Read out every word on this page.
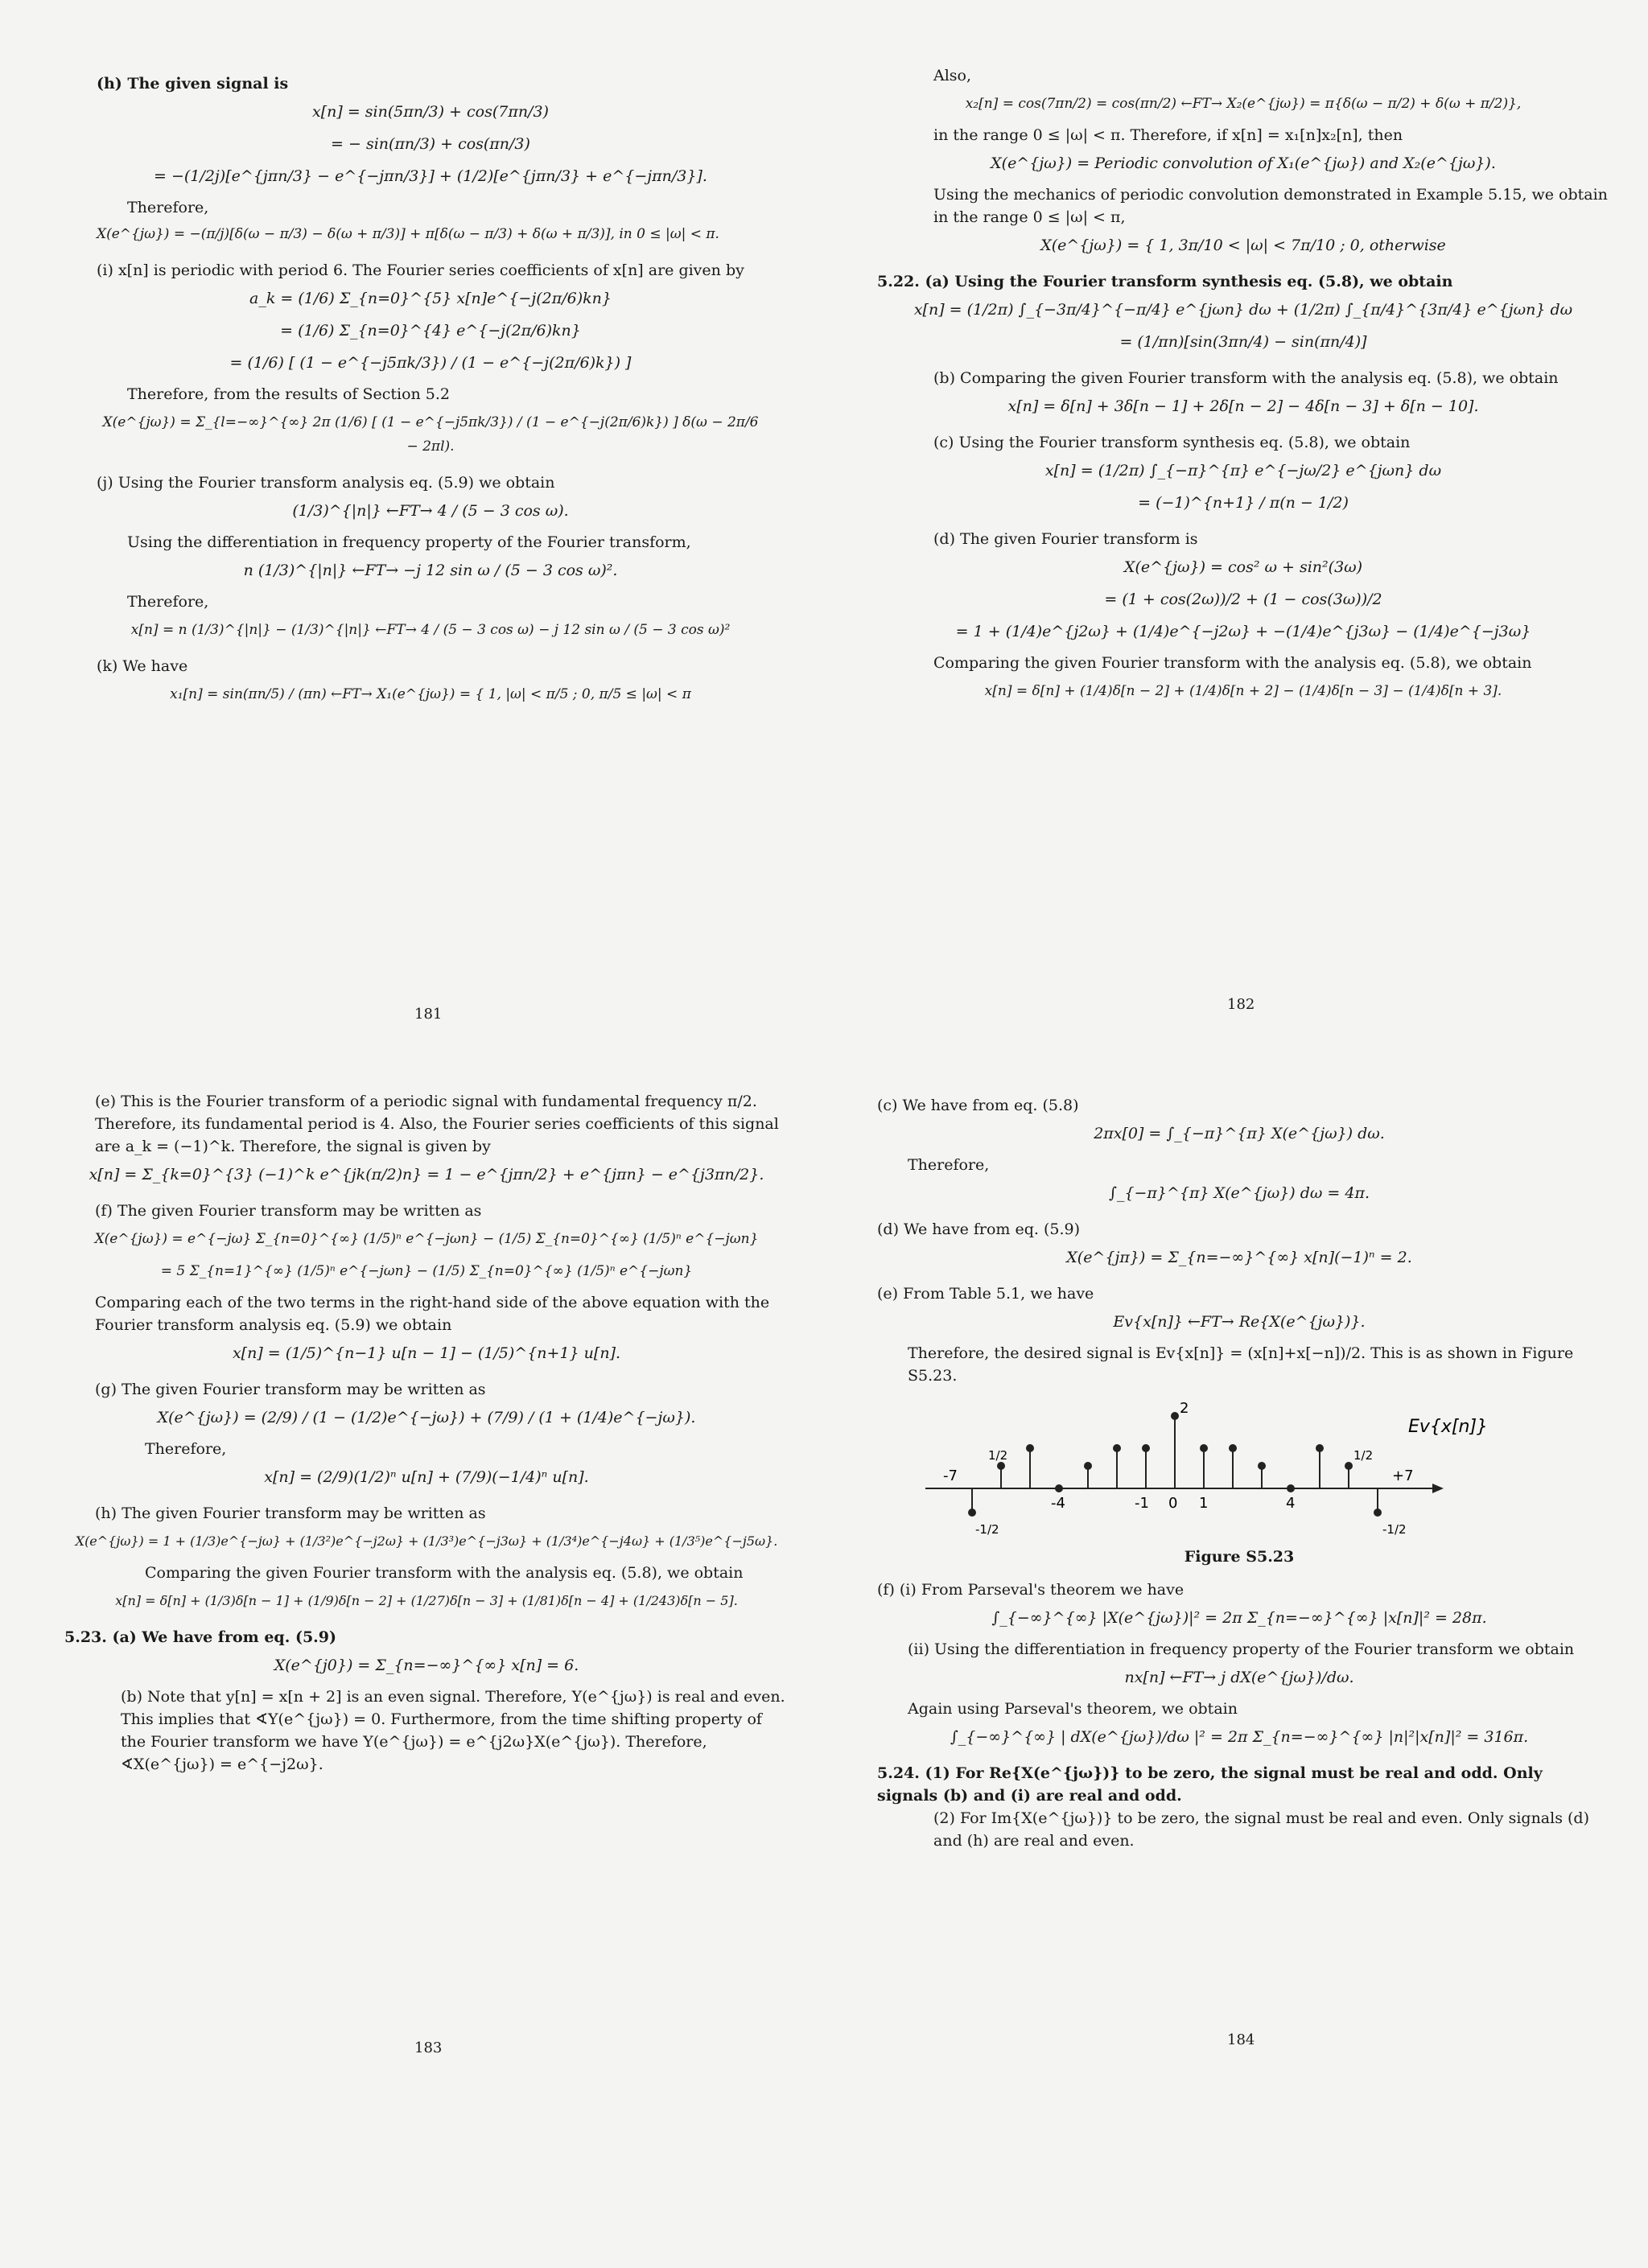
(h) The given signal is

x[n] = sin(5πn/3) + cos(7πn/3)

= − sin(πn/3) + cos(πn/3)

= −(1/2j)[e^{jπn/3} − e^{−jπn/3}] + (1/2)[e^{jπn/3} + e^{−jπn/3}].

Therefore,

X(e^{jω}) = −(π/j)[δ(ω − π/3) − δ(ω + π/3)] + π[δ(ω − π/3) + δ(ω + π/3)], in 0 ≤ |ω| < π.

(i) x[n] is periodic with period 6. The Fourier series coefficients of x[n] are given by

a_k = (1/6) Σ_{n=0}^{5} x[n]e^{−j(2π/6)kn}

= (1/6) Σ_{n=0}^{4} e^{−j(2π/6)kn}

= (1/6) [ (1 − e^{−j5πk/3}) / (1 − e^{−j(2π/6)k}) ]

Therefore, from the results of Section 5.2

X(e^{jω}) = Σ_{l=−∞}^{∞} 2π (1/6) [ (1 − e^{−j5πk/3}) / (1 − e^{−j(2π/6)k}) ] δ(ω − 2π/6 − 2πl).

(j) Using the Fourier transform analysis eq. (5.9) we obtain

(1/3)^{|n|} ←FT→ 4 / (5 − 3 cos ω).

Using the differentiation in frequency property of the Fourier transform,

n (1/3)^{|n|} ←FT→ −j 12 sin ω / (5 − 3 cos ω)².

Therefore,

x[n] = n (1/3)^{|n|} − (1/3)^{|n|} ←FT→ 4 / (5 − 3 cos ω) − j 12 sin ω / (5 − 3 cos ω)²

(k) We have

x₁[n] = sin(πn/5) / (πn) ←FT→ X₁(e^{jω}) = { 1, |ω| < π/5 ; 0, π/5 ≤ |ω| < π

181

Also,

x₂[n] = cos(7πn/2) = cos(πn/2) ←FT→ X₂(e^{jω}) = π{δ(ω − π/2) + δ(ω + π/2)},

in the range 0 ≤ |ω| < π. Therefore, if x[n] = x₁[n]x₂[n], then

X(e^{jω}) = Periodic convolution of X₁(e^{jω}) and X₂(e^{jω}).

Using the mechanics of periodic convolution demonstrated in Example 5.15, we obtain in the range 0 ≤ |ω| < π,

X(e^{jω}) = { 1, 3π/10 < |ω| < 7π/10 ; 0, otherwise

5.22. (a) Using the Fourier transform synthesis eq. (5.8), we obtain

x[n] = (1/2π) ∫_{−3π/4}^{−π/4} e^{jωn} dω + (1/2π) ∫_{π/4}^{3π/4} e^{jωn} dω

= (1/πn)[sin(3πn/4) − sin(πn/4)]

(b) Comparing the given Fourier transform with the analysis eq. (5.8), we obtain

x[n] = δ[n] + 3δ[n − 1] + 2δ[n − 2] − 4δ[n − 3] + δ[n − 10].

(c) Using the Fourier transform synthesis eq. (5.8), we obtain

x[n] = (1/2π) ∫_{−π}^{π} e^{−jω/2} e^{jωn} dω

= (−1)^{n+1} / π(n − 1/2)

(d) The given Fourier transform is

X(e^{jω}) = cos² ω + sin²(3ω)

= (1 + cos(2ω))/2 + (1 − cos(3ω))/2

= 1 + (1/4)e^{j2ω} + (1/4)e^{−j2ω} + −(1/4)e^{j3ω} − (1/4)e^{−j3ω}

Comparing the given Fourier transform with the analysis eq. (5.8), we obtain

x[n] = δ[n] + (1/4)δ[n − 2] + (1/4)δ[n + 2] − (1/4)δ[n − 3] − (1/4)δ[n + 3].

182

(e) This is the Fourier transform of a periodic signal with fundamental frequency π/2. Therefore, its fundamental period is 4. Also, the Fourier series coefficients of this signal are a_k = (−1)^k. Therefore, the signal is given by

x[n] = Σ_{k=0}^{3} (−1)^k e^{jk(π/2)n} = 1 − e^{jπn/2} + e^{jπn} − e^{j3πn/2}.

(f) The given Fourier transform may be written as

X(e^{jω}) = e^{−jω} Σ_{n=0}^{∞} (1/5)ⁿ e^{−jωn} − (1/5) Σ_{n=0}^{∞} (1/5)ⁿ e^{−jωn}

= 5 Σ_{n=1}^{∞} (1/5)ⁿ e^{−jωn} − (1/5) Σ_{n=0}^{∞} (1/5)ⁿ e^{−jωn}

Comparing each of the two terms in the right-hand side of the above equation with the Fourier transform analysis eq. (5.9) we obtain

x[n] = (1/5)^{n−1} u[n − 1] − (1/5)^{n+1} u[n].

(g) The given Fourier transform may be written as

X(e^{jω}) = (2/9) / (1 − (1/2)e^{−jω}) + (7/9) / (1 + (1/4)e^{−jω}).

Therefore,

x[n] = (2/9)(1/2)ⁿ u[n] + (7/9)(−1/4)ⁿ u[n].

(h) The given Fourier transform may be written as

X(e^{jω}) = 1 + (1/3)e^{−jω} + (1/3²)e^{−j2ω} + (1/3³)e^{−j3ω} + (1/3⁴)e^{−j4ω} + (1/3⁵)e^{−j5ω}.

Comparing the given Fourier transform with the analysis eq. (5.8), we obtain

x[n] = δ[n] + (1/3)δ[n − 1] + (1/9)δ[n − 2] + (1/27)δ[n − 3] + (1/81)δ[n − 4] + (1/243)δ[n − 5].

5.23. (a) We have from eq. (5.9)

X(e^{j0}) = Σ_{n=−∞}^{∞} x[n] = 6.

(b) Note that y[n] = x[n + 2] is an even signal. Therefore, Y(e^{jω}) is real and even. This implies that ∢Y(e^{jω}) = 0. Furthermore, from the time shifting property of the Fourier transform we have Y(e^{jω}) = e^{j2ω}X(e^{jω}). Therefore, ∢X(e^{jω}) = e^{−j2ω}.

183

(c) We have from eq. (5.8)

2πx[0] = ∫_{−π}^{π} X(e^{jω}) dω.

Therefore,

∫_{−π}^{π} X(e^{jω}) dω = 4π.

(d) We have from eq. (5.9)

X(e^{jπ}) = Σ_{n=−∞}^{∞} x[n](−1)ⁿ = 2.

(e) From Table 5.1, we have

Ev{x[n]} ←FT→ Re{X(e^{jω})}.

Therefore, the desired signal is Ev{x[n]} = (x[n]+x[−n])/2. This is as shown in Figure S5.23.

-7	+7
-4	4
-1 0 1
2
1/2	1/2
-1/2	-1/2
Ev{x[n]}

Figure S5.23

(f) (i) From Parseval's theorem we have

∫_{−∞}^{∞} |X(e^{jω})|² = 2π Σ_{n=−∞}^{∞} |x[n]|² = 28π.

(ii) Using the differentiation in frequency property of the Fourier transform we obtain

nx[n] ←FT→ j dX(e^{jω})/dω.

Again using Parseval's theorem, we obtain

∫_{−∞}^{∞} | dX(e^{jω})/dω |² = 2π Σ_{n=−∞}^{∞} |n|²|x[n]|² = 316π.

5.24. (1) For Re{X(e^{jω})} to be zero, the signal must be real and odd. Only signals (b) and (i) are real and odd.

(2) For Im{X(e^{jω})} to be zero, the signal must be real and even. Only signals (d) and (h) are real and even.

184
